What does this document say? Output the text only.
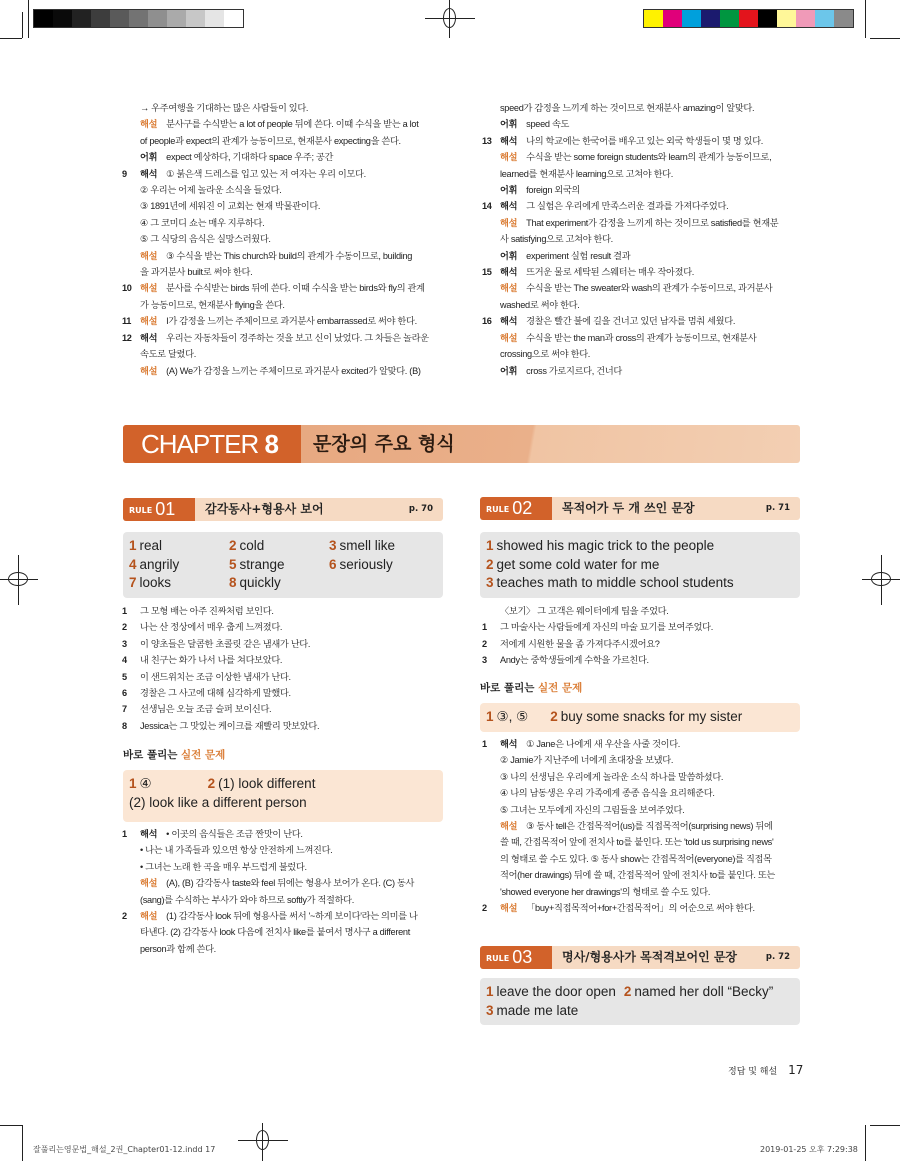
잘풀리는영문법_해설_2권_Chapter01-12.indd 17	2019-01-25 오후 7:29:38
→ 우주여행을 기대하는 많은 사람들이 있다.
해설 분사구를 수식받는 a lot of people 뒤에 쓴다. 이때 수식을 받는 a lot
of people과 expect의 관계가 능동이므로, 현재분사 expecting을 쓴다.
어휘 expect 예상하다, 기대하다 space 우주; 공간
9 해석 ① 붉은색 드레스를 입고 있는 저 여자는 우리 이모다.
② 우리는 어제 놀라운 소식을 들었다.
③ 1891년에 세워진 이 교회는 현재 박물관이다.
④ 그 코미디 쇼는 매우 지루하다.
⑤ 그 식당의 음식은 실망스러웠다.
해설 ③ 수식을 받는 This church와 build의 관계가 수동이므로, building
을 과거분사 built로 써야 한다.
10 해설 분사를 수식받는 birds 뒤에 쓴다. 이때 수식을 받는 birds와 fly의 관계
가 능동이므로, 현재분사 flying을 쓴다.
11 해설 I가 감정을 느끼는 주체이므로 과거분사 embarrassed로 써야 한다.
12 해석 우리는 자동차들이 경주하는 것을 보고 신이 났었다. 그 차들은 놀라운
속도로 달렸다.
해설 (A) We가 감정을 느끼는 주체이므로 과거분사 excited가 알맞다. (B)
speed가 감정을 느끼게 하는 것이므로 현재분사 amazing이 알맞다.
어휘 speed 속도
13 해석 나의 학교에는 한국어를 배우고 있는 외국 학생들이 몇 명 있다.
해설 수식을 받는 some foreign students와 learn의 관계가 능동이므로,
learned를 현재분사 learning으로 고쳐야 한다.
어휘 foreign 외국의
14 해석 그 실험은 우리에게 만족스러운 결과를 가져다주었다.
해설 That experiment가 감정을 느끼게 하는 것이므로 satisfied를 현재분
사 satisfying으로 고쳐야 한다.
어휘 experiment 실험 result 결과
15 해석 뜨거운 물로 세탁된 스웨터는 매우 작아졌다.
해설 수식을 받는 The sweater와 wash의 관계가 수동이므로, 과거분사
washed로 써야 한다.
16 해석 경찰은 빨간 불에 길을 건너고 있던 남자를 멈춰 세웠다.
해설 수식을 받는 the man과 cross의 관계가 능동이므로, 현재분사
crossing으로 써야 한다.
어휘 cross 가로지르다, 건너다
CHAPTER 8	문장의 주요 형식
RULE 01	감각동사+형용사 보어	p. 70
1 real	2 cold	3 smell like
4 angrily	5 strange	6 seriously
7 looks	8 quickly
1 그 모형 배는 아주 진짜처럼 보인다.
2 나는 산 정상에서 매우 춥게 느껴졌다.
3 이 양초들은 달콤한 초콜릿 같은 냄새가 난다.
4 내 친구는 화가 나서 나를 쳐다보았다.
5 이 샌드위치는 조금 이상한 냄새가 난다.
6 경찰은 그 사고에 대해 심각하게 말했다.
7 선생님은 오늘 조금 슬퍼 보이신다.
8 Jessica는 그 맛있는 케이크를 재빨리 맛보았다.
바로 풀리는 실전 문제
1 ④	2 (1) look different
(2) look like a different person
1 해석 • 이곳의 음식들은 조금 짠맛이 난다.
• 나는 내 가족들과 있으면 항상 안전하게 느껴진다.
• 그녀는 노래 한 곡을 매우 부드럽게 불렀다.
해설 (A), (B) 감각동사 taste와 feel 뒤에는 형용사 보어가 온다. (C) 동사
(sang)를 수식하는 부사가 와야 하므로 softly가 적절하다.
2 해설 (1) 감각동사 look 뒤에 형용사를 써서 '~하게 보이다'라는 의미를 나
타낸다. (2) 감각동사 look 다음에 전치사 like를 붙여서 명사구 a different
person과 함께 쓴다.
RULE 02	목적어가 두 개 쓰인 문장	p. 71
1 showed his magic trick to the people
2 get some cold water for me
3 teaches math to middle school students
〈보기〉 그 고객은 웨이터에게 팁을 주었다.
1 그 마술사는 사람들에게 자신의 마술 묘기를 보여주었다.
2 저에게 시원한 물을 좀 가져다주시겠어요?
3 Andy는 중학생들에게 수학을 가르친다.
바로 풀리는 실전 문제
1 ③, ⑤ 2 buy some snacks for my sister
1 해석 ① Jane은 나에게 새 우산을 사줄 것이다.
② Jamie가 지난주에 너에게 초대장을 보냈다.
③ 나의 선생님은 우리에게 놀라운 소식 하나를 말씀하셨다.
④ 나의 남동생은 우리 가족에게 종종 음식을 요리해준다.
⑤ 그녀는 모두에게 자신의 그림들을 보여주었다.
해설 ③ 동사 tell은 간접목적어(us)를 직접목적어(surprising news) 뒤에
쓸 때, 간접목적어 앞에 전치사 to를 붙인다. 또는 'told us surprising news'
의 형태로 쓸 수도 있다. ⑤ 동사 show는 간접목적어(everyone)를 직접목
적어(her drawings) 뒤에 쓸 때, 간접목적어 앞에 전치사 to를 붙인다. 또는
'showed everyone her drawings'의 형태로 쓸 수도 있다.
2 해설 「buy+직접목적어+for+간접목적어」의 어순으로 써야 한다.
RULE 03	명사/형용사가 목적격보어인 문장	p. 72
1 leave the door open 2 named her doll “Becky”
3 made me late
정답 및 해설 17
